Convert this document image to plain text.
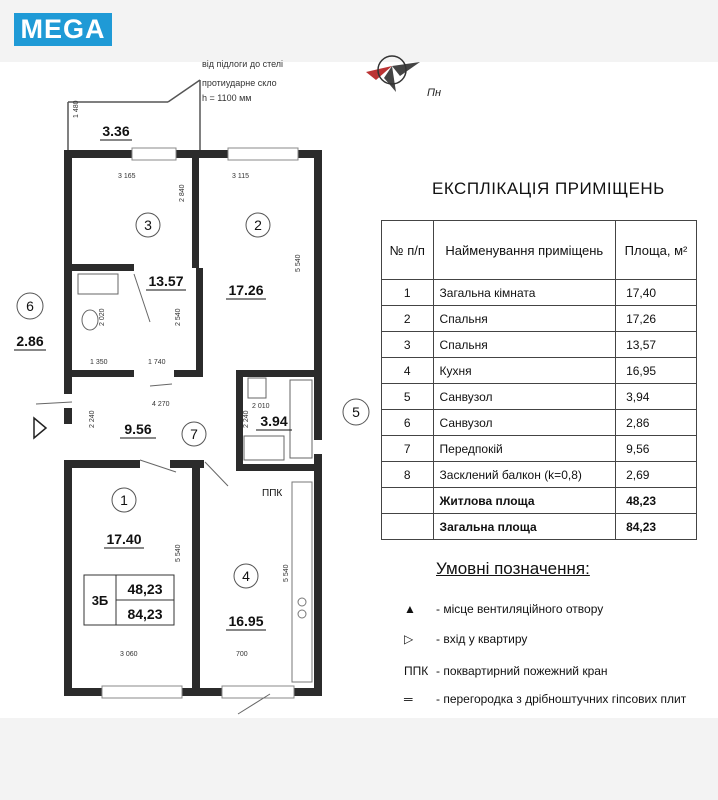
MEGA
від підлоги до стелі
протиударне скло
h = 1100 мм	Пн
1 480
3 165	3 115
2 840
5 540
2 020	2 540
1 350	1 740
4 270	2 010
2 240	2 240
5 540
5 540
3 060	700
1
2
3
4
5
6
7
17.40
17.26
13.57
16.95
3.94
2.86
9.56
3.36
ППК
3Б
48,23
84,23
ЕКСПЛІКАЦІЯ ПРИМІЩЕНЬ
№ п/п	Найменування приміщень	Площа, м²
1	Загальна кімната	17,40
2	Спальня	17,26
3	Спальня	13,57
4	Кухня	16,95
5	Санвузол	3,94
6	Санвузол	2,86
7	Передпокій	9,56
8	Засклений балкон (k=0,8)	2,69
	Житлова площа	48,23
	Загальна площа	84,23
Умовні позначення:
▲ - місце вентиляційного отвору
▷ - вхід у квартиру
ППК - поквартирний пожежний кран
═ - перегородка з дрібноштучних гіпсових плит
